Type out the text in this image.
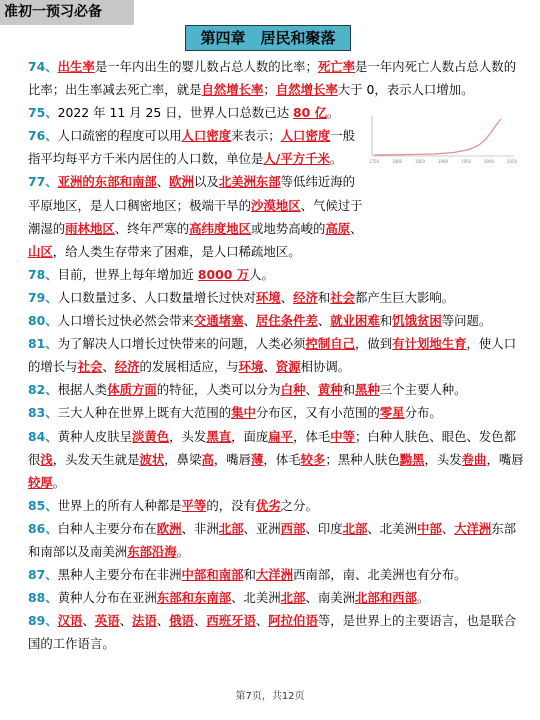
准初一预习必备
第四章　居民和聚落

74、出生率是一年内出生的婴儿数占总人数的比率；死亡率是一年内死亡人数占总人数的比率；出生率减去死亡率，就是自然增长率；自然增长率大于 0，表示人口增加。

75、2022 年 11 月 25 日，世界人口总数已达 80 亿。

76、人口疏密的程度可以用人口密度来表示；人口密度一般指平均每平方千米内居住的人口数，单位是人/平方千米。

77、亚洲的东部和南部、欧洲以及北美洲东部等低纬近海的平原地区，是人口稠密地区；极端干旱的沙漠地区、气候过于潮湿的雨林地区、终年严寒的高纬度地区或地势高峻的高原、山区，给人类生存带来了困难，是人口稀疏地区。

78、目前，世界上每年增加近 8000 万人。

79、人口数量过多、人口数量增长过快对环境、经济和社会都产生巨大影响。

80、人口增长过快必然会带来交通堵塞、居住条件差、就业困难和饥饿贫困等问题。

81、为了解决人口增长过快带来的问题，人类必须控制自己，做到有计划地生育，使人口的增长与社会、经济的发展相适应，与环境、资源相协调。

82、根据人类体质方面的特征，人类可以分为白种、黄种和黑种三个主要人种。

83、三大人种在世界上既有大范围的集中分布区，又有小范围的零星分布。

84、黄种人皮肤呈淡黄色，头发黑直，面庞扁平，体毛中等；白种人肤色、眼色、发色都很浅，头发天生就是波状，鼻梁高，嘴唇薄，体毛较多；黑种人肤色黝黑，头发卷曲，嘴唇较厚。

85、世界上的所有人种都是平等的，没有优劣之分。

86、白种人主要分布在欧洲、非洲北部、亚洲西部、印度北部、北美洲中部、大洋洲东部和南部以及南美洲东部沿海。

87、黑种人主要分布在非洲中部和南部和大洋洲西南部，南、北美洲也有分布。

88、黄种人分布在亚洲东部和东南部、北美洲北部、南美洲北部和西部。

89、汉语、英语、法语、俄语、西班牙语、阿拉伯语等，是世界上的主要语言，也是联合国的工作语言。

1750	1800	1850	1900	1950	2000	2050
第7页，共12页
